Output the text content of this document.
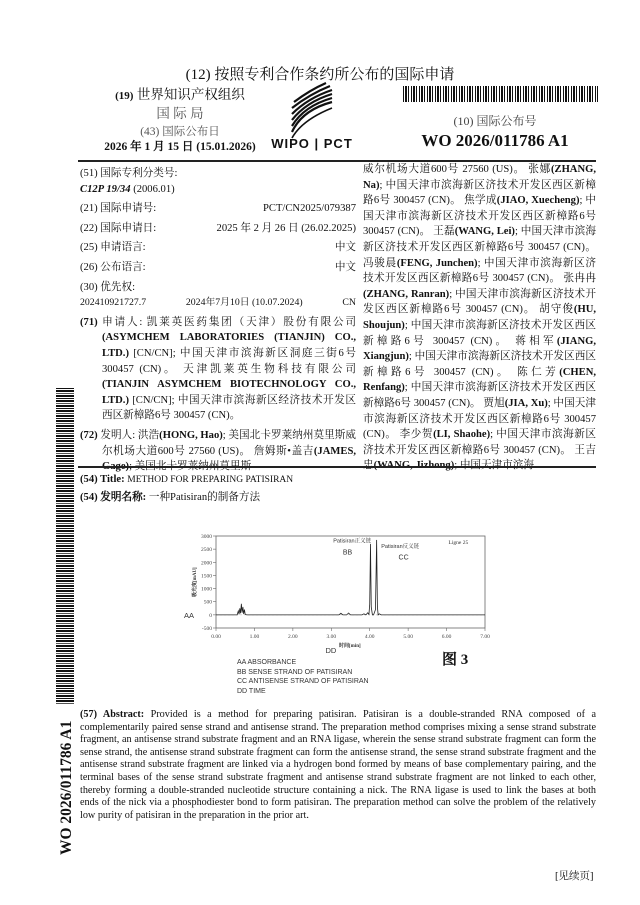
(12) 按照专利合作条约所公布的国际申请
(19) 世界知识产权组织
国 际 局
(43) 国际公布日
2026 年 1 月 15 日 (15.01.2026)	WIPO | PCT
(10) 国际公布号
WO 2026/011786 A1
(51) 国际专利分类号:
C12P 19/34 (2006.01)
(21) 国际申请号:	PCT/CN2025/079387
(22) 国际申请日:	2025 年 2 月 26 日 (26.02.2025)
(25) 申请语言:	中文
(26) 公布语言:	中文
(30) 优先权:
202410921727.7	2024年7月10日 (10.07.2024)	CN
(71) 申请人: 凯莱英医药集团（天津）股份有限公司(ASYMCHEM LABORATORIES (TIANJIN) CO., LTD.) [CN/CN]; 中国天津市滨海新区洞庭三街6号 300457 (CN)。 天津凯莱英生物科技有限公司(TIANJIN ASYMCHEM BIOTECHNOLOGY CO., LTD.) [CN/CN]; 中国天津市滨海新区经济技术开发区西区新樟路6号 300457 (CN)。
(72) 发明人: 洪浩(HONG, Hao); 美国北卡罗莱纳州莫里斯威尔机场大道600号 27560 (US)。 詹姆斯•盖吉(JAMES,
威尔机场大道600号 27560 (US)。 张娜(ZHANG, Na); 中国天津市滨海新区济技术开发区西区新樟路6号 300457 (CN)。 焦学成(JIAO, Xuecheng); 中国天津市滨海新区济技术开发区西区新樟路6号 300457 (CN)。 王磊(WANG, Lei); 中国天津市滨海新区济技术开发区西区新樟路6号 300457 (CN)。 冯骏晨(FENG, Junchen); 中国天津市滨海新区济技术开发区西区新樟路6号 300457 (CN)。 张冉冉(ZHANG, Ranran); 中国天津市滨海新区济技术开发区西区新樟路6号 300457 (CN)。 胡守俊(HU, Shoujun); 中国天津市滨海新区济技术开发区西区新樟路6号 300457 (CN)。 蒋相军(JIANG, Xiangjun); 中国天津市滨海新区济技术开发区西区新樟路6号 300457 (CN)。 陈仁芳(CHEN, Renfang); 中国天津市滨海新区济技术开发区西区新樟路6号 300457 (CN)。 贾旭(JIA, Xu); 中国天津市滨海新区济技术开发区西区新樟路6号 300457 (CN)。 李少贺(LI, Shaohe); 中国天津市滨海新区济技术开发区西区新樟路6号 300457 (CN)。 王吉
(54) Title: METHOD FOR PREPARING PATISIRAN
(54) 发明名称: 一种Patisiran的制备方法
3000
2500
2000
1500
1000
500
0
-500
0.00	1.00	2.00	3.00	4.00	5.00	6.00	7.00
Patisiran正义链
BB
Patisiran反义链
CC
Ligne 25
AA
DD 时间[min]
吸光度[mAU]
图 3
AA ABSORBANCE
BB SENSE STRAND OF PATISIRAN
CC ANTISENSE STRAND OF PATISIRAN
DD TIME
(57) Abstract: Provided is a method for preparing patisiran. Patisiran is a double-stranded RNA composed of a complementarily paired sense strand and antisense strand. The preparation method comprises mixing a sense strand substrate fragment, an antisense strand substrate fragment and an RNA ligase, wherein the sense strand substrate fragment can form the sense strand, the antisense strand substrate fragment can form the antisense strand, the sense strand substrate fragment and the antisense strand substrate fragment are linked via a hydrogen bond formed by means of base complementary pairing, and the terminal bases of the sense strand substrate fragment and antisense strand substrate fragment are not linked to each other, thereby forming a double-stranded nucleotide structure containing a nick. The RNA ligase is used to link the bases at both ends of the nick via a phosphodiester bond to form patisiran. The preparation method can solve the problem of the relatively low purity of patisiran in the preparation in the prior art.
WO 2026/011786 A1
[见续页]
